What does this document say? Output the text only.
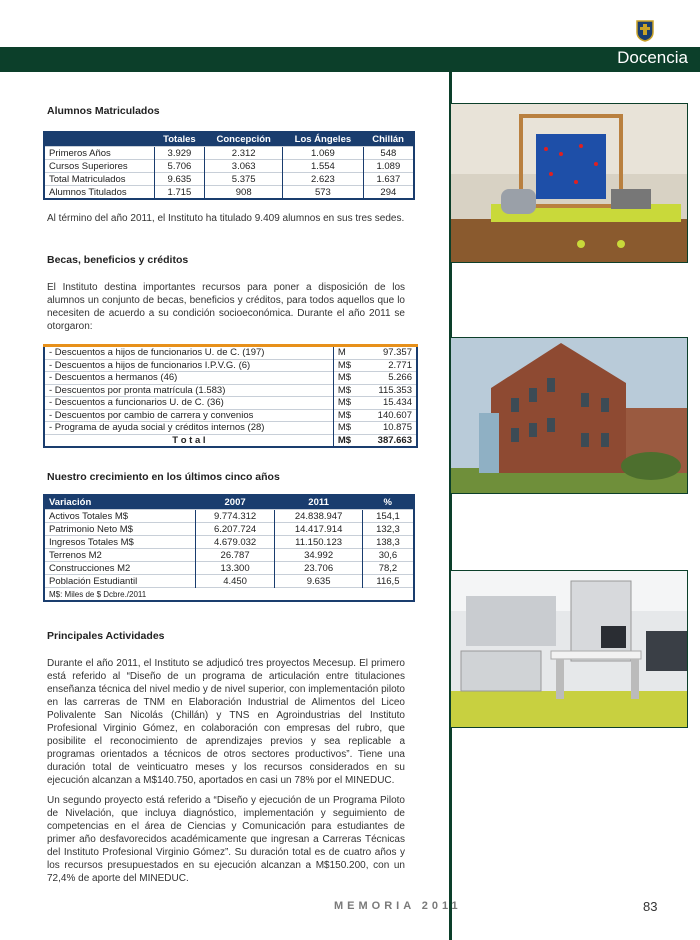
Docencia
Alumnos Matriculados
	Totales	Concepción	Los Ángeles	Chillán
Primeros Años	3.929	2.312	1.069	548
Cursos Superiores	5.706	3.063	1.554	1.089
Total Matriculados	9.635	5.375	2.623	1.637
Alumnos Titulados	1.715	908	573	294

Al término del año 2011, el Instituto ha titulado 9.409 alumnos en sus tres sedes.

Becas, beneficios y créditos

El Instituto destina importantes recursos para poner a disposición de los alumnos un conjunto de becas, beneficios y créditos, para todos aquellos que lo necesiten de acuerdo a su condición socioeconómica. Durante el año 2011 se otorgaron:

- Descuentos a hijos de funcionarios U. de C. (197)	M	97.357
- Descuentos a hijos de funcionarios I.P.V.G. (6)	M$	2.771
- Descuentos a hermanos (46)	M$	5.266
- Descuentos por pronta matrícula (1.583)	M$	115.353
- Descuentos a funcionarios U. de C. (36)	M$	15.434
- Descuentos por cambio de carrera y convenios	M$	140.607
- Programa de ayuda social y créditos internos (28)	M$	10.875
T o t a l	M$	387.663
Nuestro crecimiento en los últimos cinco años
Variación	2007	2011	%
Activos Totales M$	9.774.312	24.838.947	154,1
Patrimonio Neto M$	6.207.724	14.417.914	132,3
Ingresos Totales M$	4.679.032	11.150.123	138,3
Terrenos M2	26.787	34.992	30,6
Construcciones M2	13.300	23.706	78,2
Población Estudiantil	4.450	9.635	116,5
M$: Miles de $ Dcbre./2011			
Principales Actividades

Durante el año 2011, el Instituto se adjudicó tres proyectos Mecesup. El primero está referido al “Diseño de un programa de articulación entre titulaciones enseñanza técnica del nivel medio y de nivel superior, con implementación piloto en las carreras de TNM en Elaboración Industrial de Alimentos del Liceo Polivalente San Nicolás (Chillán) y TNS en Agroindustrias del Instituto Profesional Virginio Gómez, en colaboración con empresas del rubro, que posibilite el reconocimiento de aprendizajes previos y sea replicable a programas orientados a técnicos de otros sectores productivos”. Tiene una duración total de veinticuatro meses y los recursos considerados en su ejecución alcanzan a M$140.750, aportados en casi un 78% por el MINEDUC.

Un segundo proyecto está referido a “Diseño y ejecución de un Programa Piloto de Nivelación, que incluya diagnóstico, implementación y seguimiento de competencias en el área de Ciencias y Comunicación para estudiantes de primer año desfavorecidos académicamente que ingresan a Carreras Técnicas del Instituto Profesional Virginio Gómez”. Su duración total es de cuatro años y los recursos presupuestados en su ejecución alcanzan a M$150.200, con un 72,4% de aporte del MINEDUC.

MEMORIA 2011	83
